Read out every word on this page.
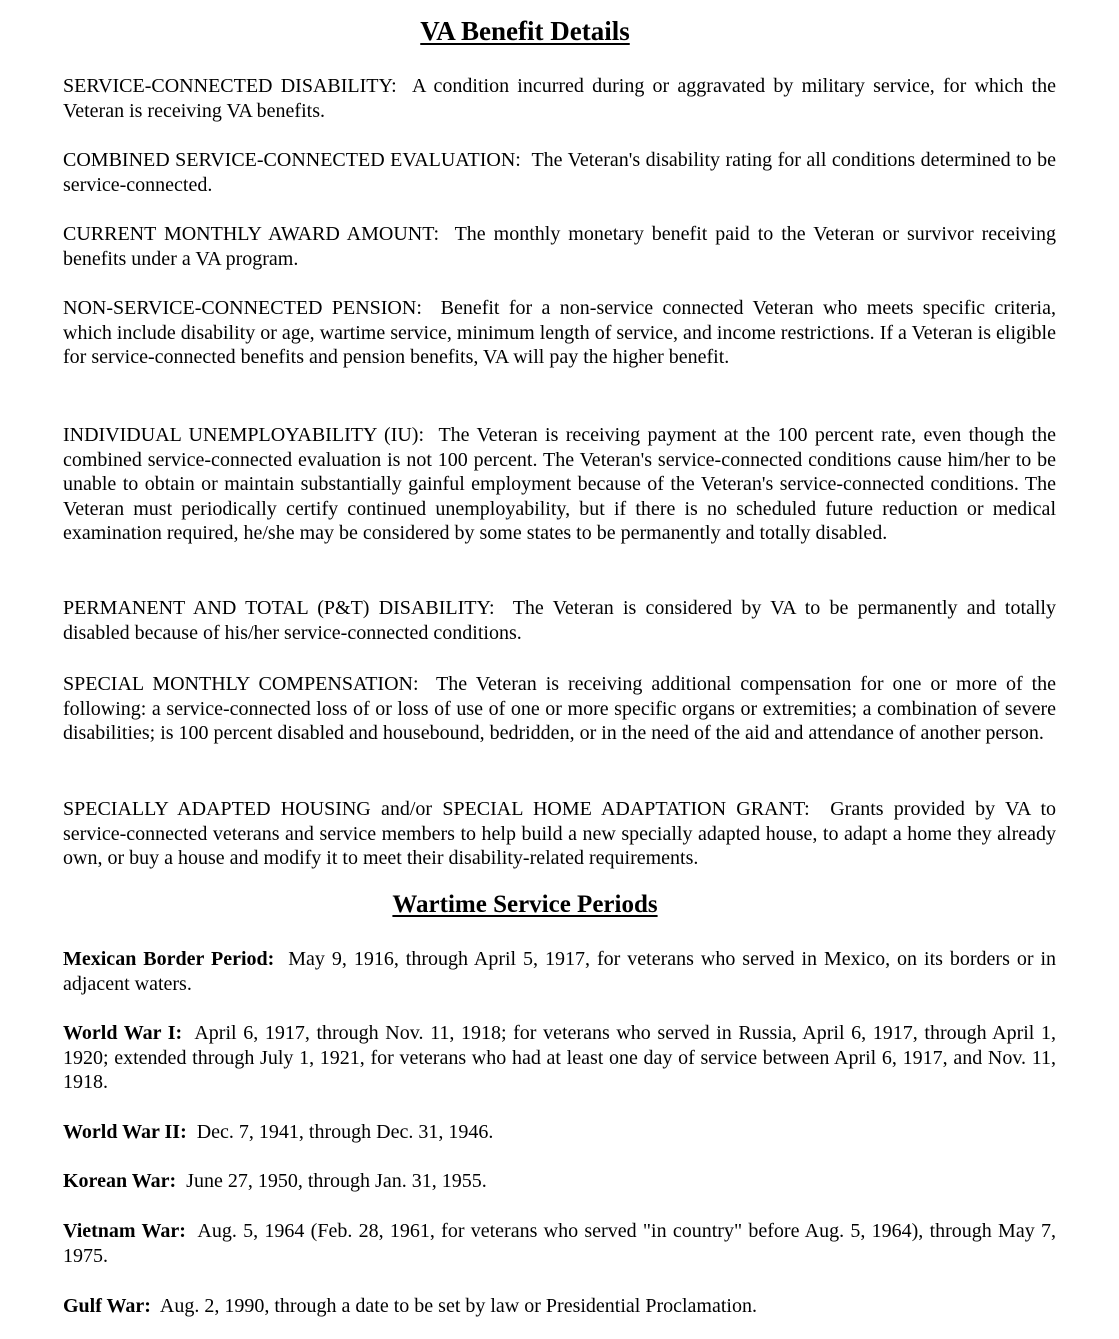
VA Benefit Details

SERVICE-CONNECTED DISABILITY: A condition incurred during or aggravated by military service, for which the Veteran is receiving VA benefits.

COMBINED SERVICE-CONNECTED EVALUATION: The Veteran's disability rating for all conditions determined to be service-connected.

CURRENT MONTHLY AWARD AMOUNT: The monthly monetary benefit paid to the Veteran or survivor receiving benefits under a VA program.

NON-SERVICE-CONNECTED PENSION: Benefit for a non-service connected Veteran who meets specific criteria, which include disability or age, wartime service, minimum length of service, and income restrictions. If a Veteran is eligible for service-connected benefits and pension benefits, VA will pay the higher benefit.

INDIVIDUAL UNEMPLOYABILITY (IU): The Veteran is receiving payment at the 100 percent rate, even though the combined service-connected evaluation is not 100 percent. The Veteran's service-connected conditions cause him/her to be unable to obtain or maintain substantially gainful employment because of the Veteran's service-connected conditions. The Veteran must periodically certify continued unemployability, but if there is no scheduled future reduction or medical examination required, he/she may be considered by some states to be permanently and totally disabled.

PERMANENT AND TOTAL (P&T) DISABILITY: The Veteran is considered by VA to be permanently and totally disabled because of his/her service-connected conditions.

SPECIAL MONTHLY COMPENSATION: The Veteran is receiving additional compensation for one or more of the following: a service-connected loss of or loss of use of one or more specific organs or extremities; a combination of severe disabilities; is 100 percent disabled and housebound, bedridden, or in the need of the aid and attendance of another person.

SPECIALLY ADAPTED HOUSING and/or SPECIAL HOME ADAPTATION GRANT: Grants provided by VA to service-connected veterans and service members to help build a new specially adapted house, to adapt a home they already own, or buy a house and modify it to meet their disability-related requirements.

Wartime Service Periods

Mexican Border Period: May 9, 1916, through April 5, 1917, for veterans who served in Mexico, on its borders or in adjacent waters.

World War I: April 6, 1917, through Nov. 11, 1918; for veterans who served in Russia, April 6, 1917, through April 1, 1920; extended through July 1, 1921, for veterans who had at least one day of service between April 6, 1917, and Nov. 11, 1918.

World War II: Dec. 7, 1941, through Dec. 31, 1946.

Korean War: June 27, 1950, through Jan. 31, 1955.

Vietnam War: Aug. 5, 1964 (Feb. 28, 1961, for veterans who served "in country" before Aug. 5, 1964), through May 7, 1975.

Gulf War: Aug. 2, 1990, through a date to be set by law or Presidential Proclamation.
